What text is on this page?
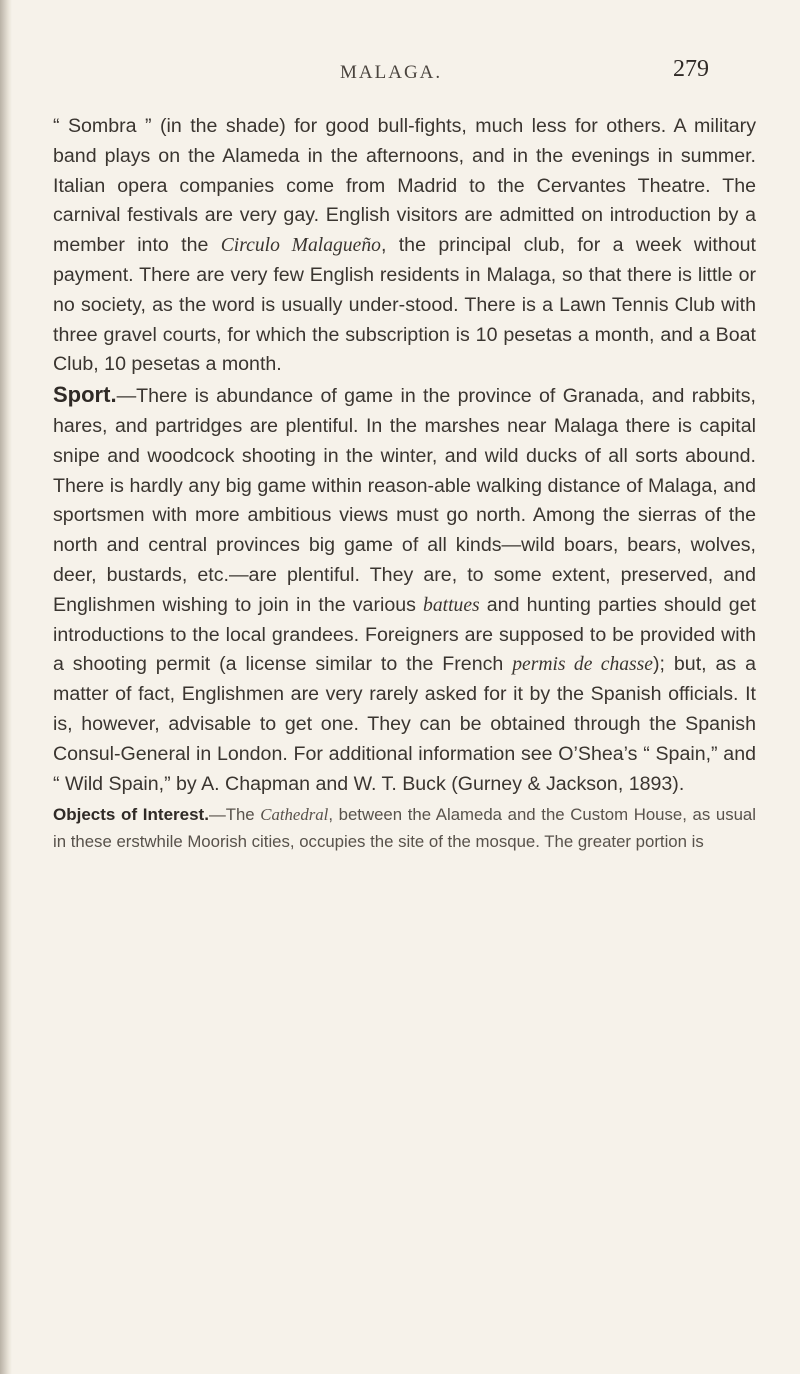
MALAGA.	279

“ Sombra ” (in the shade) for good bull-fights, much less for others. A military band plays on the Alameda in the afternoons, and in the evenings in summer. Italian opera companies come from Madrid to the Cervantes Theatre. The carnival festivals are very gay. English visitors are admitted on introduction by a member into the Circulo Malagueño, the principal club, for a week without payment. There are very few English residents in Malaga, so that there is little or no society, as the word is usually under-stood. There is a Lawn Tennis Club with three gravel courts, for which the subscription is 10 pesetas a month, and a Boat Club, 10 pesetas a month.

Sport.—There is abundance of game in the province of Granada, and rabbits, hares, and partridges are plentiful. In the marshes near Malaga there is capital snipe and woodcock shooting in the winter, and wild ducks of all sorts abound. There is hardly any big game within reason-able walking distance of Malaga, and sportsmen with more ambitious views must go north. Among the sierras of the north and central provinces big game of all kinds—wild boars, bears, wolves, deer, bustards, etc.—are plentiful. They are, to some extent, preserved, and Englishmen wishing to join in the various battues and hunting parties should get introductions to the local grandees. Foreigners are supposed to be provided with a shooting permit (a license similar to the French permis de chasse); but, as a matter of fact, Englishmen are very rarely asked for it by the Spanish officials. It is, however, advisable to get one. They can be obtained through the Spanish Consul-General in London. For additional information see O’Shea’s “ Spain,” and “ Wild Spain,” by A. Chapman and W. T. Buck (Gurney & Jackson, 1893).

Objects of Interest.—The Cathedral, between the Alameda and the Custom House, as usual in these erstwhile Moorish cities, occupies the site of the mosque. The greater portion is
